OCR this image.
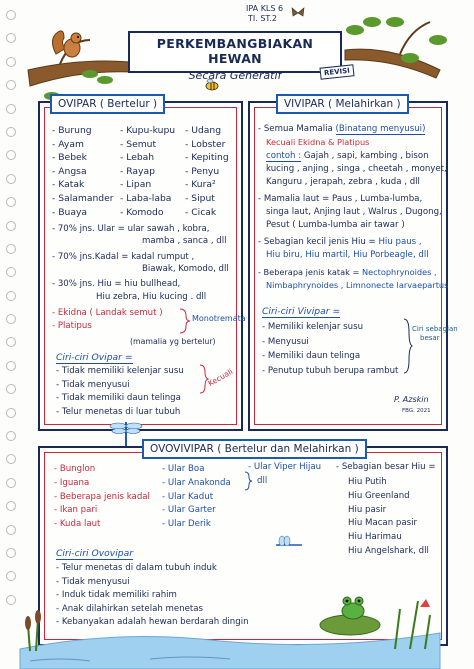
IPA KLS 6
TI. ST.2
PERKEMBANGBIAKAN HEWAN
Secara Generatif	REVISI
OVIPAR ( Bertelur )
- Burung
- Ayam
- Bebek
- Angsa
- Katak
- Salamander
- Buaya
- Kupu-kupu
- Semut
- Lebah
- Rayap
- Lipan
- Laba-laba
- Komodo
- Udang
- Lobster
- Kepiting
- Penyu
- Kura²
- Siput
- Cicak
- 70% jns. Ular = ular sawah , kobra,
mamba , sanca , dll
- 70% jns.Kadal = kadal rumput ,
Biawak, Komodo, dll
- 30% jns. Hiu = hiu bullhead,
Hiu zebra, Hiu kucing . dll
- Ekidna ( Landak semut )
- Platipus
Monotremata
(mamalia yg bertelur)
Ciri-ciri Ovipar =
- Tidak memiliki kelenjar susu
- Tidak menyusui
- Tidak memiliki daun telinga
- Telur menetas di luar tubuh
Kecuali
VIVIPAR ( Melahirkan )
- Semua Mamalia (Binatang menyusui)
Kecuali Ekidna & Platipus
contoh : Gajah , sapi, kambing , bison
kucing , anjing , singa , cheetah , monyet,
Kanguru , jerapah, zebra , kuda , dll
- Mamalia laut = Paus , Lumba-lumba,
singa laut, Anjing laut , Walrus , Dugong,
Pesut ( Lumba-lumba air tawar )
- Sebagian kecil jenis Hiu = Hiu paus ,
Hiu biru, Hiu martil, Hiu Porbeagle, dll
- Beberapa jenis katak = Nectophrynoides ,
Nimbaphrynoides , Limnonecte larvaepartus
Ciri-ciri Vivipar =
- Memiliki kelenjar susu
- Menyusui
- Memiliki daun telinga
- Penutup tubuh berupa rambut
Ciri sebagian
besar
P. Azskin
FBG. 2021
OVOVIVIPAR ( Bertelur dan Melahirkan )
- Bunglon
- Iguana
- Beberapa jenis kadal
- Ikan pari
- Kuda laut
- Ular Boa
- Ular Anakonda
- Ular Kadut
- Ular Garter
- Ular Derik
- Ular Viper Hijau
dll
- Sebagian besar Hiu =
Hiu Putih
Hiu Greenland
Hiu pasir
Hiu Macan pasir
Hiu Harimau
Hiu Angelshark, dll
Ciri-ciri Ovovipar
- Telur menetas di dalam tubuh induk
- Tidak menyusui
- Induk tidak memiliki rahim
- Anak dilahirkan setelah menetas
- Kebanyakan adalah hewan berdarah dingin
